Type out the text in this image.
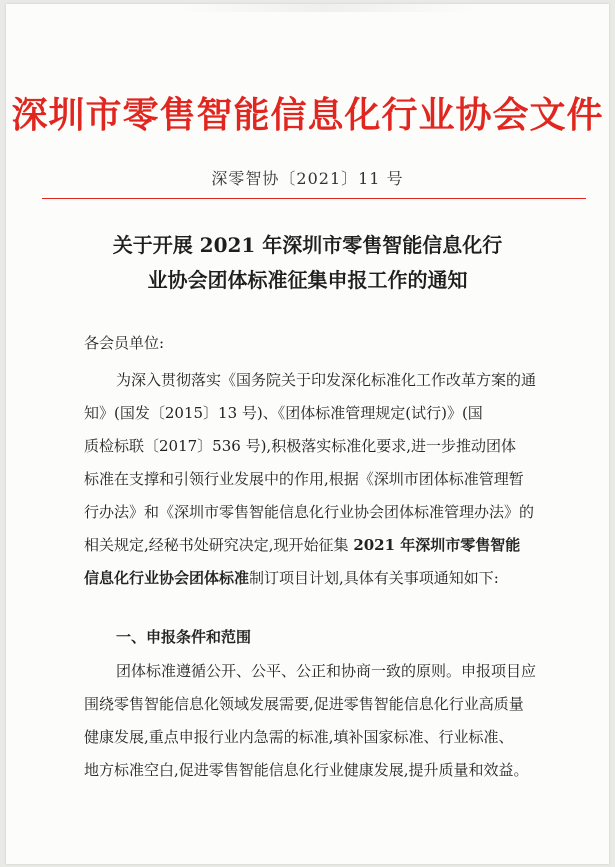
深圳市零售智能信息化行业协会文件
深零智协〔2021〕11 号
关于开展 2021 年深圳市零售智能信息化行
业协会团体标准征集申报工作的通知
各会员单位:
为深入贯彻落实《国务院关于印发深化标准化工作改革方案的通
知》(国发〔2015〕13 号)、《团体标准管理规定(试行)》(国
质检标联〔2017〕536 号),积极落实标准化要求,进一步推动团体
标准在支撑和引领行业发展中的作用,根据《深圳市团体标准管理暂
行办法》和《深圳市零售智能信息化行业协会团体标准管理办法》的
相关规定,经秘书处研究决定,现开始征集 2021 年深圳市零售智能
信息化行业协会团体标准制订项目计划,具体有关事项通知如下:
一、申报条件和范围
团体标准遵循公开、公平、公正和协商一致的原则。申报项目应
围绕零售智能信息化领域发展需要,促进零售智能信息化行业高质量
健康发展,重点申报行业内急需的标准,填补国家标准、行业标准、
地方标准空白,促进零售智能信息化行业健康发展,提升质量和效益。
